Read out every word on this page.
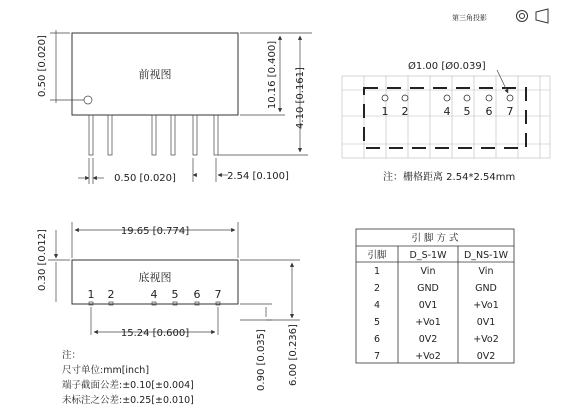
第三角投影
前视图
0.50 [0.020]	10.16 [0.400] 4.10 [0.161]
0.50 [0.020]	2.54 [0.100]
1 2	4 5 6 7
Ø1.00 [Ø0.039]
注：栅格距离 2.54*2.54mm
底视图
1 2	4 5 6 7
19.65 [0.774]
0.30 [0.012]
15.24 [0.600]	0.90 [0.035] 6.00 [0.236]
注：
尺寸单位:mm[inch]
端子截面公差:±0.10[±0.004]
未标注之公差:±0.25[±0.010]
引 脚 方 式
引脚 D_S-1W D_NS-1W
1	Vin	Vin
2	GND	GND
4	0V1	+Vo1
5	+Vo1	0V1
6	0V2	+Vo2
7	+Vo2	0V2
